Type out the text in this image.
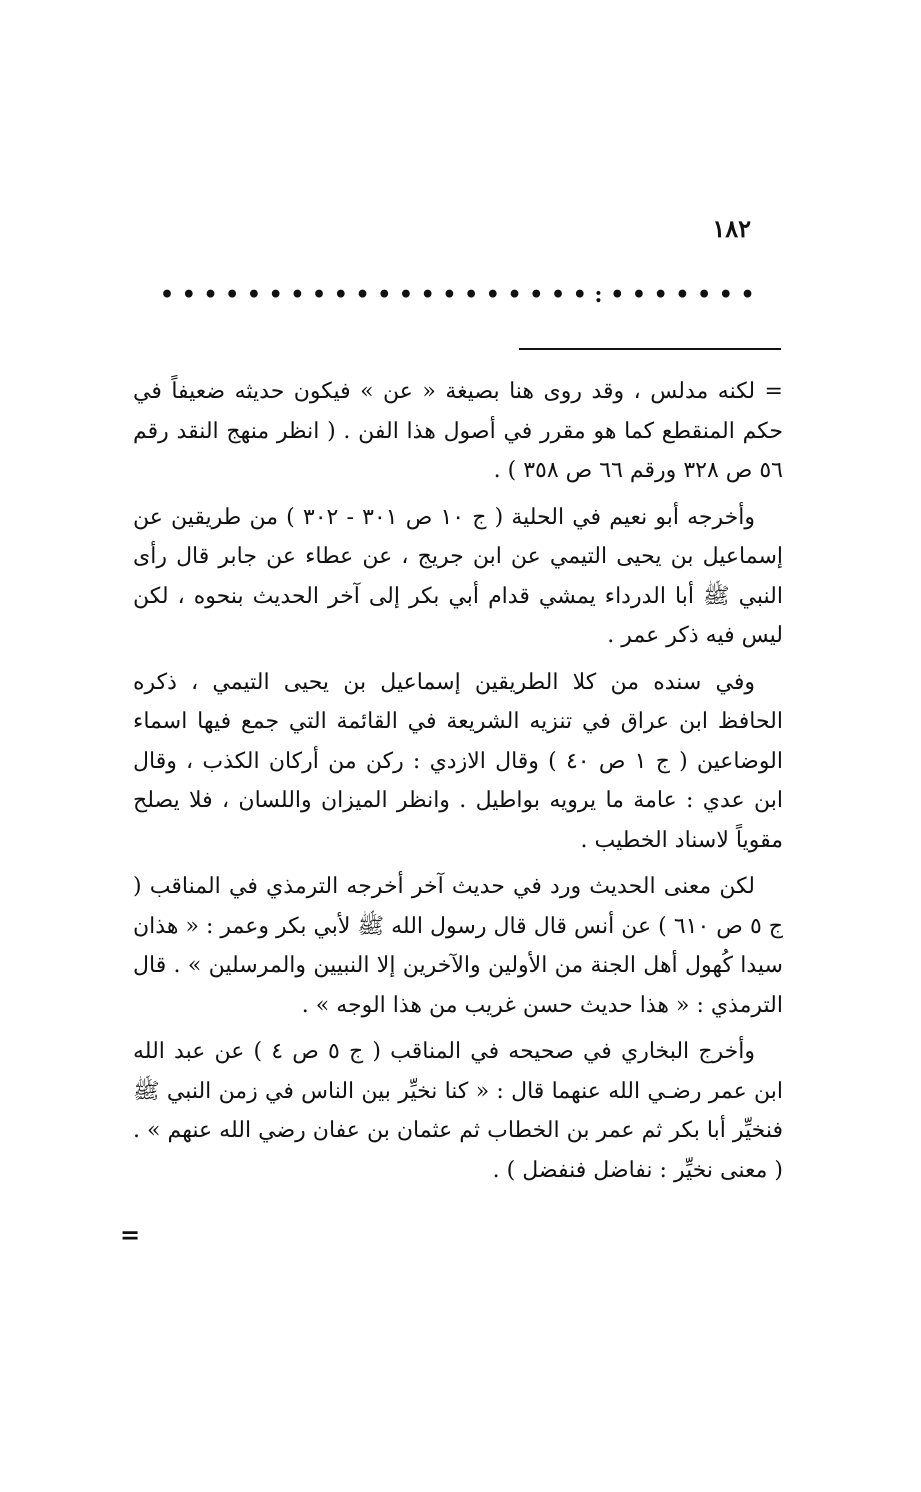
١٨٢
• • • • • • • • • • • • • • • • • • • • : • • • • • • •

= لكنه مدلس ، وقد روى هنا بصيغة « عن » فيكون حديثه ضعيفاً في حكم المنقطع كما هو مقرر في أصول هذا الفن . ( انظر منهج النقد رقم ٥٦ ص ٣٢٨ ورقم ٦٦ ص ٣٥٨ ) .

وأخرجه أبو نعيم في الحلية ( ج ١٠ ص ٣٠١ - ٣٠٢ ) من طريقين عن إسماعيل بن يحيى التيمي عن ابن جريج ، عن عطاء عن جابر قال رأى النبي ﷺ أبا الدرداء يمشي قدام أبي بكر إلى آخر الحديث بنحوه ، لكن ليس فيه ذكر عمر .

وفي سنده من كلا الطريقين إسماعيل بن يحيى التيمي ، ذكره الحافظ ابن عراق في تنزيه الشريعة في القائمة التي جمع فيها اسماء الوضاعين ( ج ١ ص ٤٠ ) وقال الازدي : ركن من أركان الكذب ، وقال ابن عدي : عامة ما يرويه بواطيل . وانظر الميزان واللسان ، فلا يصلح مقوياً لاسناد الخطيب .

لكن معنى الحديث ورد في حديث آخر أخرجه الترمذي في المناقب ( ج ٥ ص ٦١٠ ) عن أنس قال قال رسول الله ﷺ لأبي بكر وعمر : « هذان سيدا كُهول أهل الجنة من الأولين والآخرين إلا النبيين والمرسلين » . قال الترمذي : « هذا حديث حسن غريب من هذا الوجه » .

وأخرج البخاري في صحيحه في المناقب ( ج ٥ ص ٤ ) عن عبد الله ابن عمر رضـي الله عنهما قال : « كنا نخيِّر بين الناس في زمن النبي ﷺ فنخيِّر أبا بكر ثم عمر بن الخطاب ثم عثمان بن عفان رضي الله عنهم » . ( معنى نخيِّر : نفاضل فنفضل ) .

=
